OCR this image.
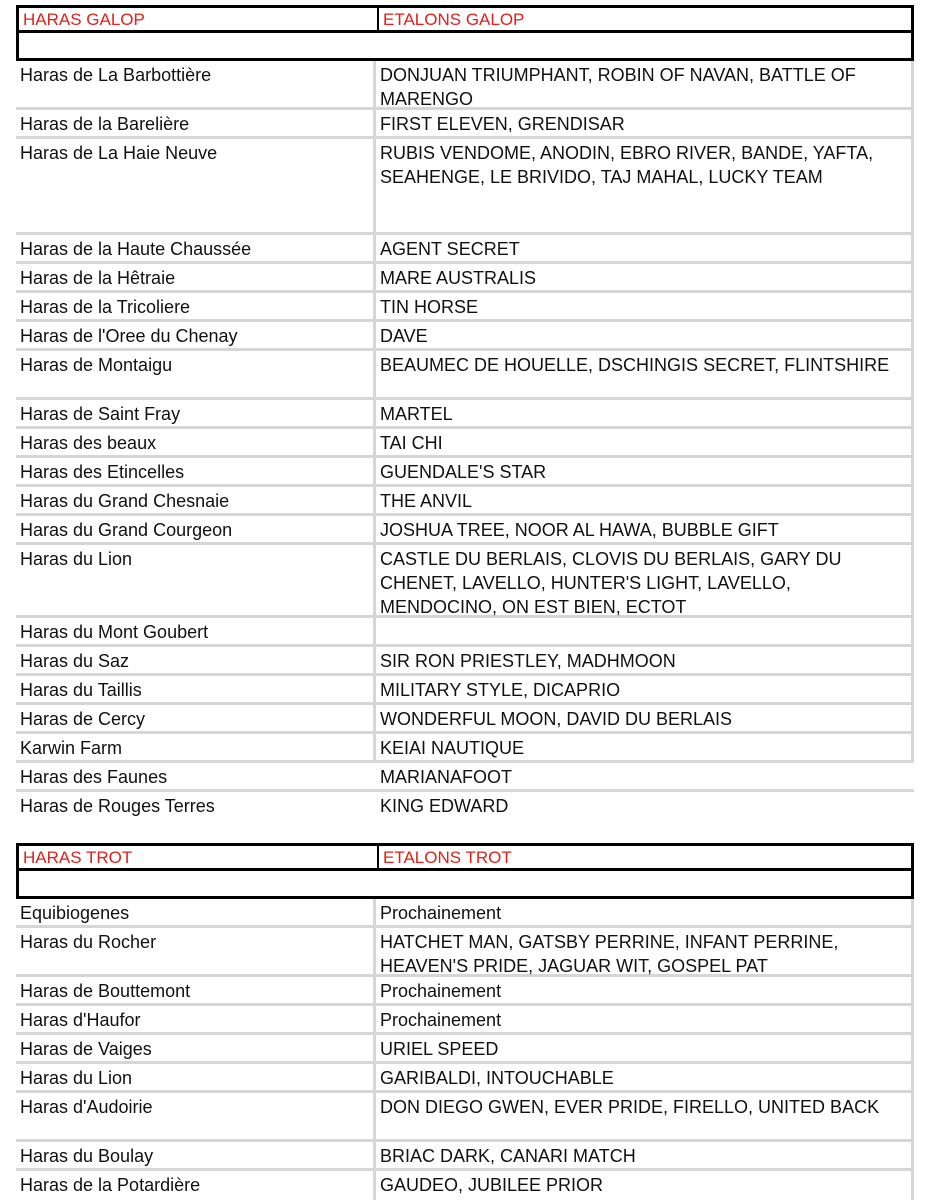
HARAS GALOP	ETALONS GALOP
Haras de La Barbottière	DONJUAN TRIUMPHANT, ROBIN OF NAVAN, BATTLE OF MARENGO
Haras de la Barelière	FIRST ELEVEN, GRENDISAR
Haras de La Haie Neuve	RUBIS VENDOME, ANODIN, EBRO RIVER, BANDE, YAFTA, SEAHENGE, LE BRIVIDO, TAJ MAHAL, LUCKY TEAM
Haras de la Haute Chaussée	AGENT SECRET
Haras de la Hêtraie	MARE AUSTRALIS
Haras de la Tricoliere	TIN HORSE
Haras de l'Oree du Chenay	DAVE
Haras de Montaigu	BEAUMEC DE HOUELLE, DSCHINGIS SECRET, FLINTSHIRE
Haras de Saint Fray	MARTEL
Haras des beaux	TAI CHI
Haras des Etincelles	GUENDALE'S STAR
Haras du Grand Chesnaie	THE ANVIL
Haras du Grand Courgeon	JOSHUA TREE, NOOR AL HAWA, BUBBLE GIFT
Haras du Lion	CASTLE DU BERLAIS, CLOVIS DU BERLAIS, GARY DU CHENET, LAVELLO, HUNTER'S LIGHT, LAVELLO, MENDOCINO, ON EST BIEN, ECTOT
Haras du Mont Goubert
Haras du Saz	SIR RON PRIESTLEY, MADHMOON
Haras du Taillis	MILITARY STYLE, DICAPRIO
Haras de Cercy	WONDERFUL MOON, DAVID DU BERLAIS
Karwin Farm	KEIAI NAUTIQUE
Haras des Faunes	MARIANAFOOT
Haras de Rouges Terres	KING EDWARD
HARAS TROT	ETALONS TROT
Equibiogenes	Prochainement
Haras du Rocher	HATCHET MAN, GATSBY PERRINE, INFANT PERRINE, HEAVEN'S PRIDE, JAGUAR WIT, GOSPEL PAT
Haras de Bouttemont	Prochainement
Haras d'Haufor	Prochainement
Haras de Vaiges	URIEL SPEED
Haras du Lion	GARIBALDI, INTOUCHABLE
Haras d'Audoirie	DON DIEGO GWEN, EVER PRIDE, FIRELLO, UNITED BACK
Haras du Boulay	BRIAC DARK, CANARI MATCH
Haras de la Potardière	GAUDEO, JUBILEE PRIOR
